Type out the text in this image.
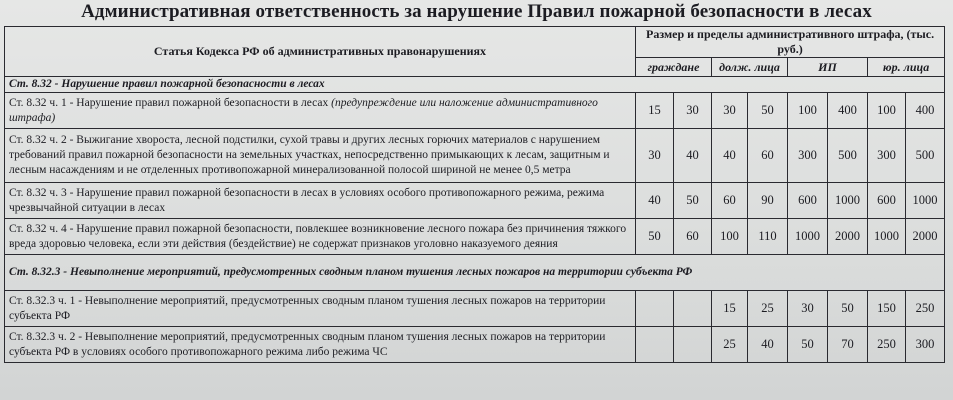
Административная ответственность за нарушение Правил пожарной безопасности в лесах
Статья Кодекса РФ об административных правонарушениях	Размер и пределы административного штрафа, (тыс. руб.)							
	граждане		долж. лица		ИП		юр. лица	
Ст. 8.32 - Нарушение правил пожарной безопасности в лесах								
Ст. 8.32 ч. 1 - Нарушение правил пожарной безопасности в лесах (предупреждение или наложение административного штрафа)	15	30	30	50	100	400	100	400
Ст. 8.32 ч. 2 - Выжигание хвороста, лесной подстилки, сухой травы и других лесных горючих материалов с нарушением требований правил пожарной безопасности на земельных участках, непосредственно примыкающих к лесам, защитным и лесным насаждениям и не отделенных противопожарной минерализованной полосой шириной не менее 0,5 метра	30	40	40	60	300	500	300	500
Ст. 8.32 ч. 3 - Нарушение правил пожарной безопасности в лесах в условиях особого противопожарного режима, режима чрезвычайной ситуации в лесах	40	50	60	90	600	1000	600	1000
Ст. 8.32 ч. 4 - Нарушение правил пожарной безопасности, повлекшее возникновение лесного пожара без причинения тяжкого вреда здоровью человека, если эти действия (бездействие) не содержат признаков уголовно наказуемого деяния	50	60	100	110	1000	2000	1000	2000
Ст. 8.32.3 - Невыполнение мероприятий, предусмотренных сводным планом тушения лесных пожаров на территории субъекта РФ								
Ст. 8.32.3 ч. 1 - Невыполнение мероприятий, предусмотренных сводным планом тушения лесных пожаров на территории субъекта РФ			15	25	30	50	150	250
Ст. 8.32.3 ч. 2 - Невыполнение мероприятий, предусмотренных сводным планом тушения лесных пожаров на территории субъекта РФ в условиях особого противопожарного режима либо режима ЧС			25	40	50	70	250	300
